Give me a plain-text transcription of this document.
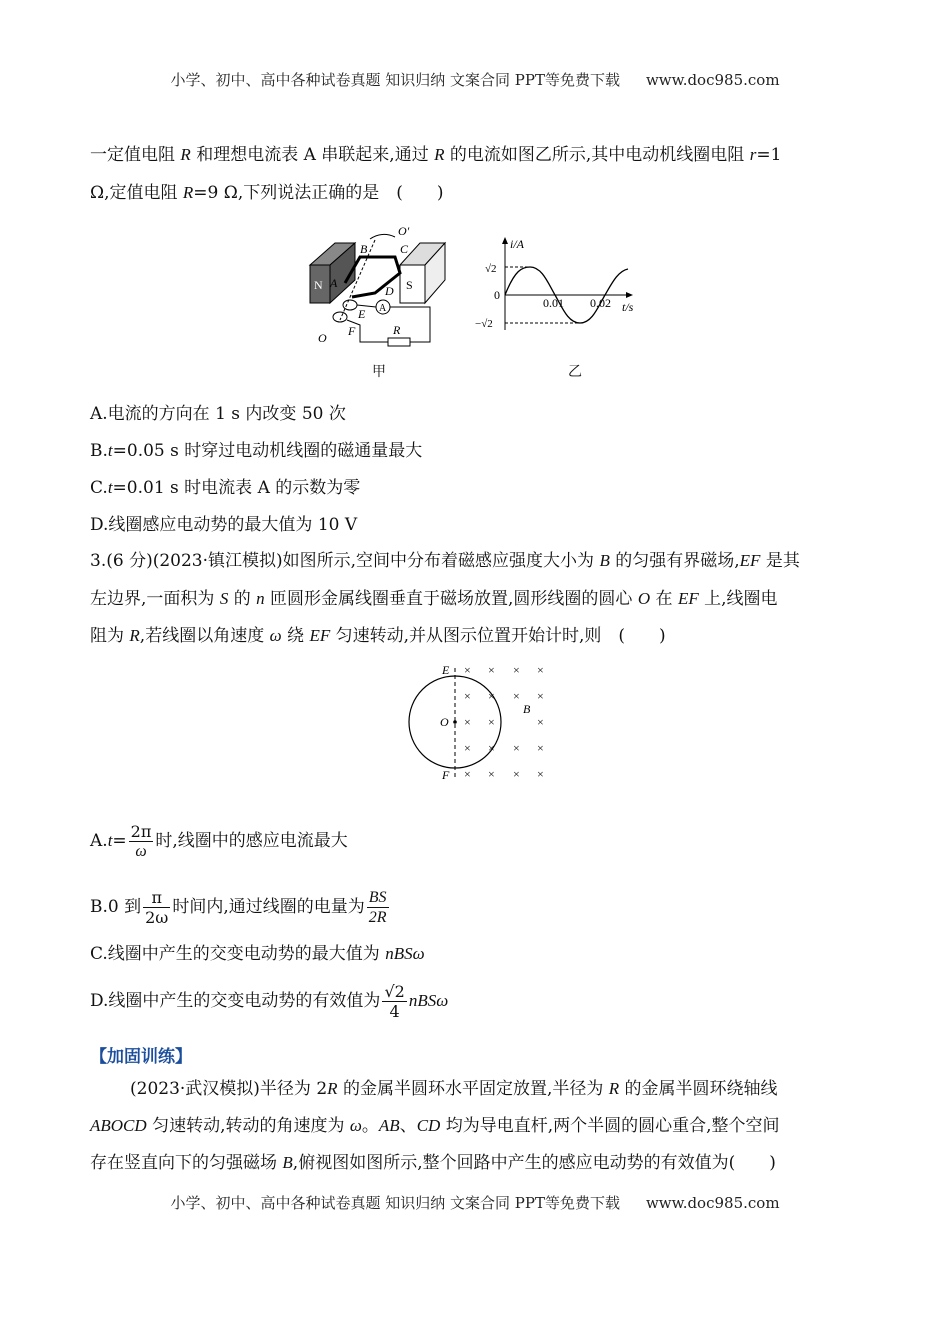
小学、初中、高中各种试卷真题 知识归纳 文案合同 PPT等免费下载 www.doc985.com
一定值电阻 R 和理想电流表 A 串联起来,通过 R 的电流如图乙所示,其中电动机线圈电阻 r=1
Ω,定值电阻 R=9 Ω,下列说法正确的是　(　　)
N	S
B	C
O'
A
D
E
F
O
A
R
i/A
t/s
0
√2
−√2
0.01 0.02
甲	乙
A.电流的方向在 1 s 内改变 50 次
B.t=0.05 s 时穿过电动机线圈的磁通量最大
C.t=0.01 s 时电流表 A 的示数为零
D.线圈感应电动势的最大值为 10 V
3.(6 分)(2023·镇江模拟)如图所示,空间中分布着磁感应强度大小为 B 的匀强有界磁场,EF 是其
左边界,一面积为 S 的 n 匝圆形金属线圈垂直于磁场放置,圆形线圈的圆心 O 在 EF 上,线圈电
阻为 R,若线圈以角速度 ω 绕 EF 匀速转动,并从图示位置开始计时,则　(　　)
E
F
O
B
× × × ×
× × × ×
× ×	×
× × × ×
× × × ×
$A.t= \frac{2\pi}{\omega}$ 时,线圈中的感应电流最大
B.0 到 $\frac{\pi}{2\omega}$ 时间内,通过线圈的电量为 $\frac{BS}{2R}$
C.线圈中产生的交变电动势的最大值为 nBSω
D.线圈中产生的交变电动势的有效值为 $\frac{√2}{4}$ nBSω
【加固训练】
(2023·武汉模拟)半径为 2R 的金属半圆环水平固定放置,半径为 R 的金属半圆环绕轴线
ABOCD 匀速转动,转动的角速度为 ω。AB、CD 均为导电直杆,两个半圆的圆心重合,整个空间
存在竖直向下的匀强磁场 B,俯视图如图所示,整个回路中产生的感应电动势的有效值为(　　)
小学、初中、高中各种试卷真题 知识归纳 文案合同 PPT等免费下载 www.doc985.com
